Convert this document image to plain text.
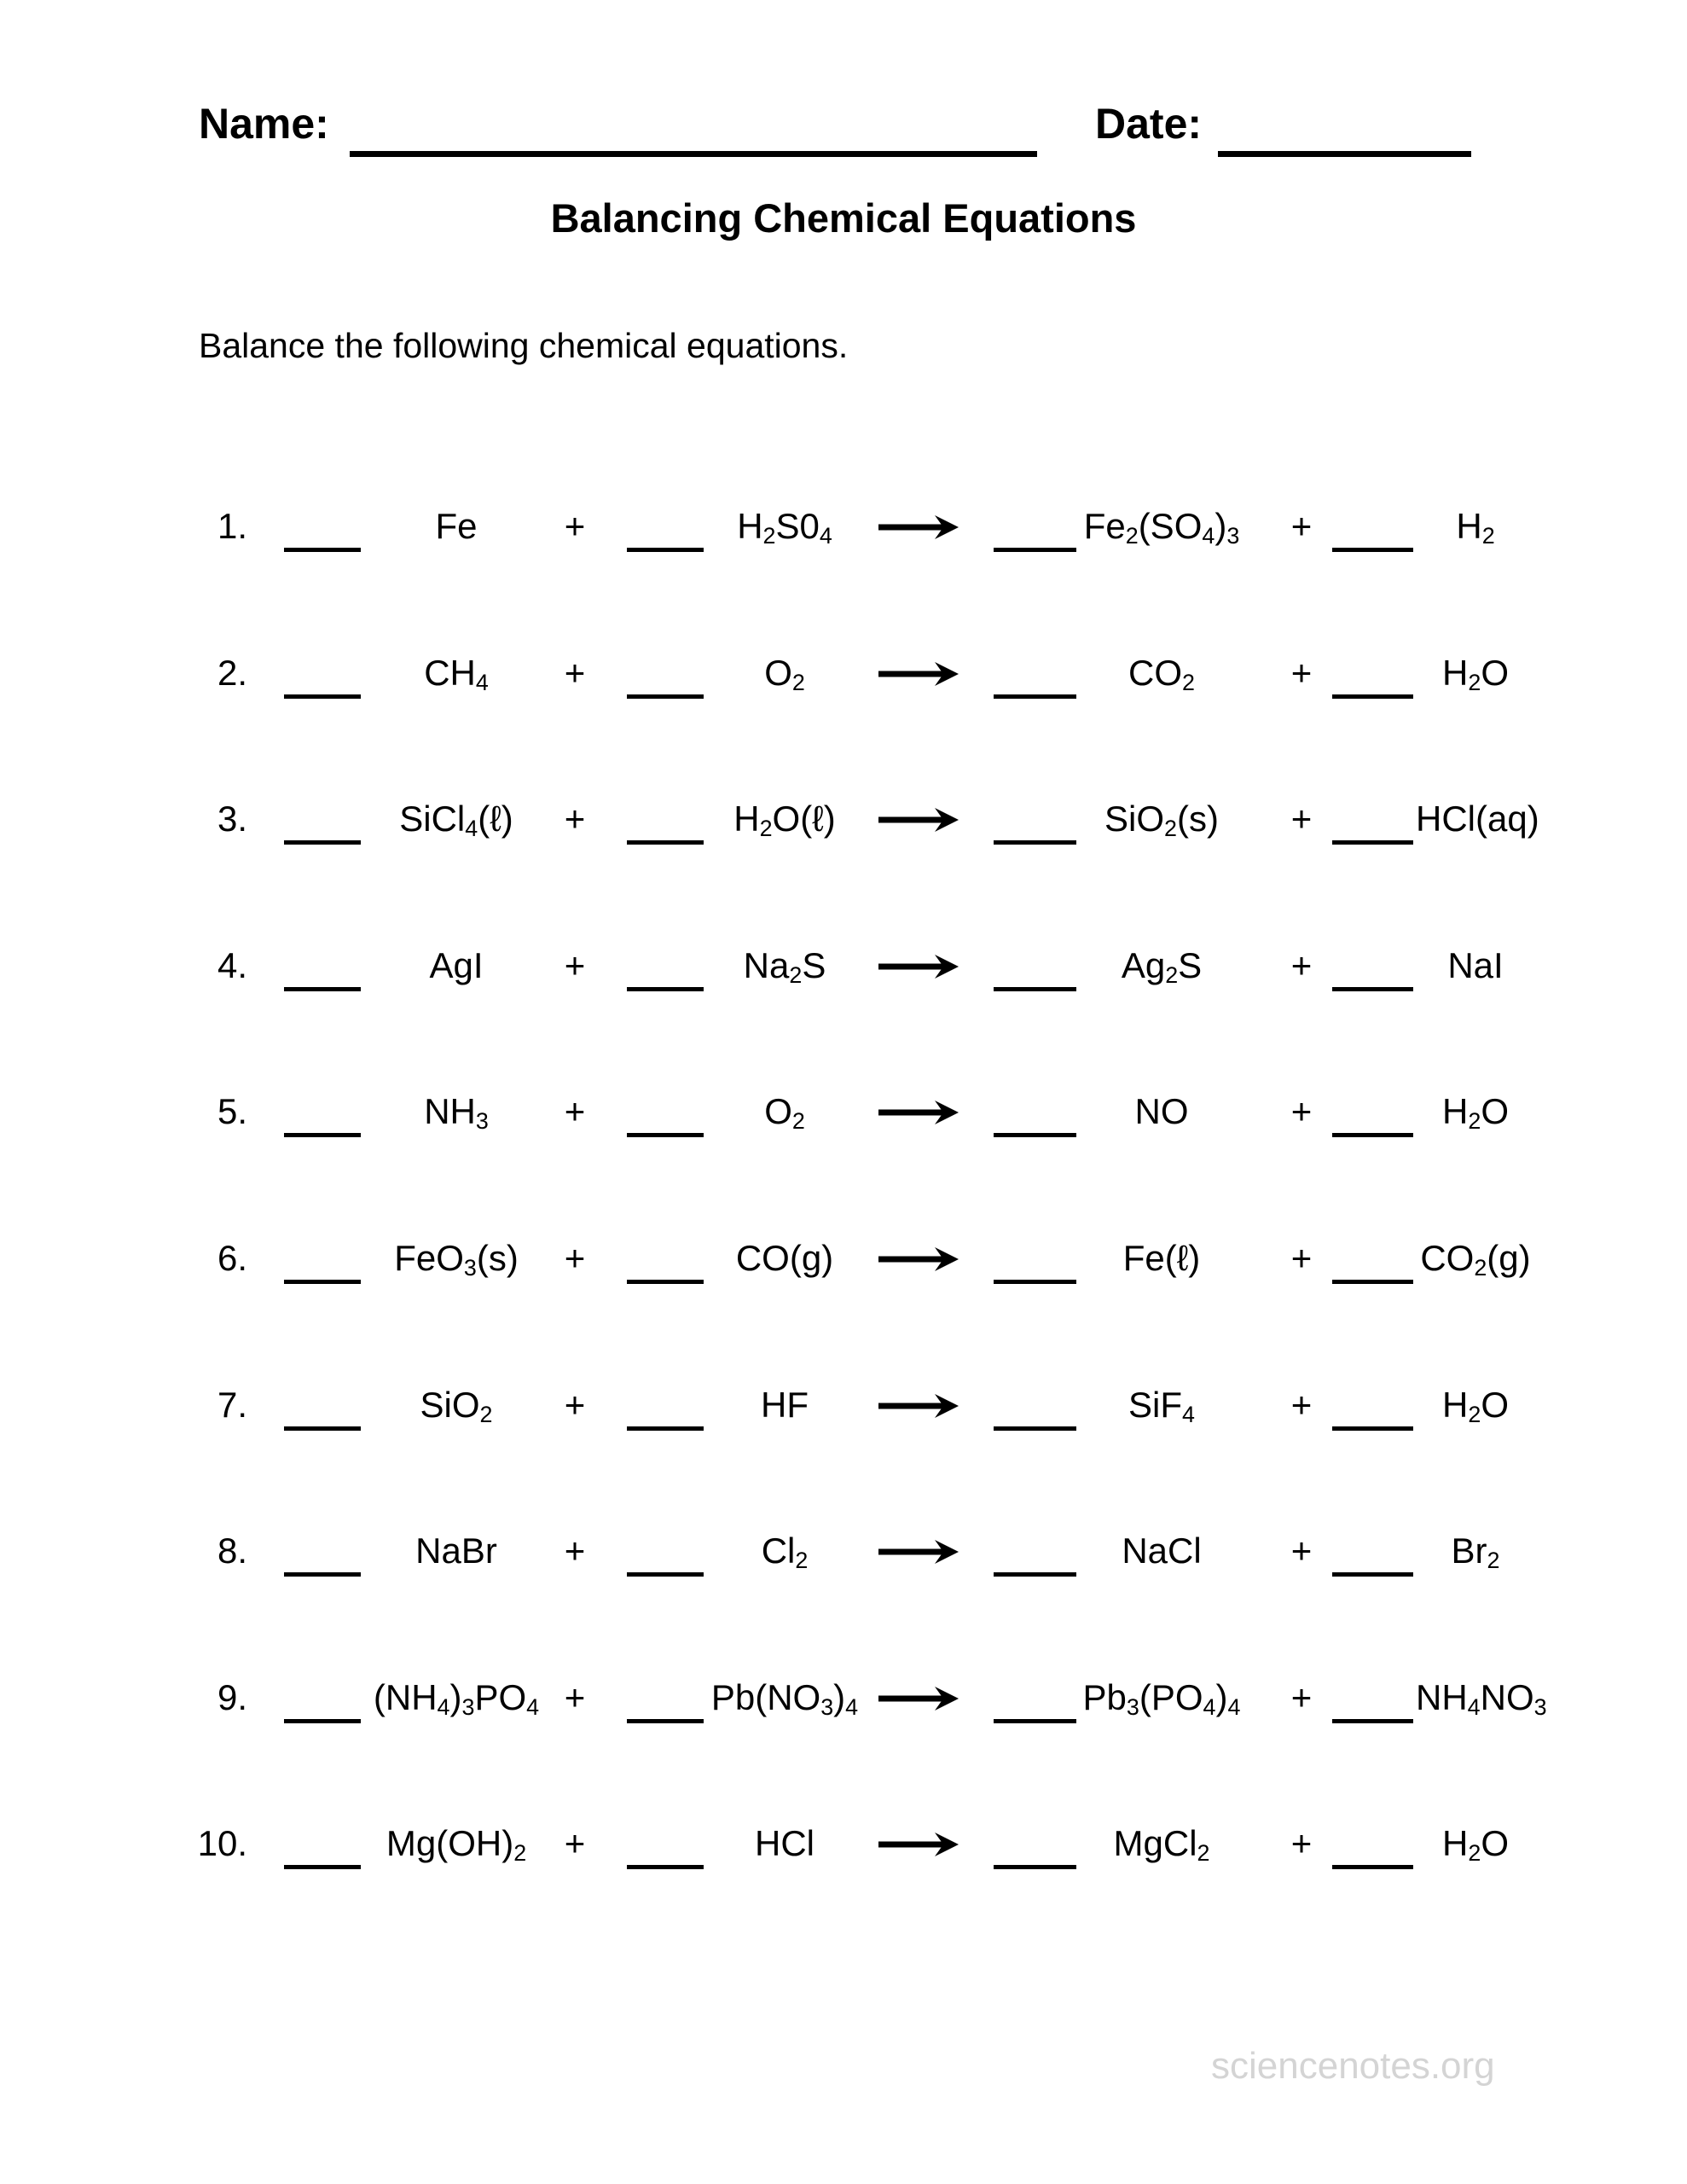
Name:	Date:
Balancing Chemical Equations

Balance the following chemical equations.

1.	Fe	+	$H_2S0_4$	$Fe_2(SO_4)_3$ +	$H_2$
2.	$CH_4$	+	$O_2$	$CO_2$	+	$H_2O$
3.	SiCl$_4$(ℓ)	+	$H_2O(\ell)$	SiO$_2$(s)	+	HCl(aq)
4.	AgI	+	$Na_2S$	$Ag_2S$	+	NaI
5.	$NH_3$	+	$O_2$	NO	+	$H_2O$
6.	FeO$_3$(s)	+	CO(g)	Fe(ℓ)	+	$CO_2(g)$
7.	SiO$_2$	+	HF	SiF$_4$	+	$H_2O$
8.	NaBr	+	$Cl_2$	NaCl	+	$Br_2$
9.	$(NH_4)_3PO_4$ +	$Pb(NO_3)_4$	$Pb_3(PO_4)_4$ +	$NH_4NO_3$
10.	$Mg(OH)_2$	+	HCl	MgCl$_2$	+	$H_2O$
sciencenotes.org
